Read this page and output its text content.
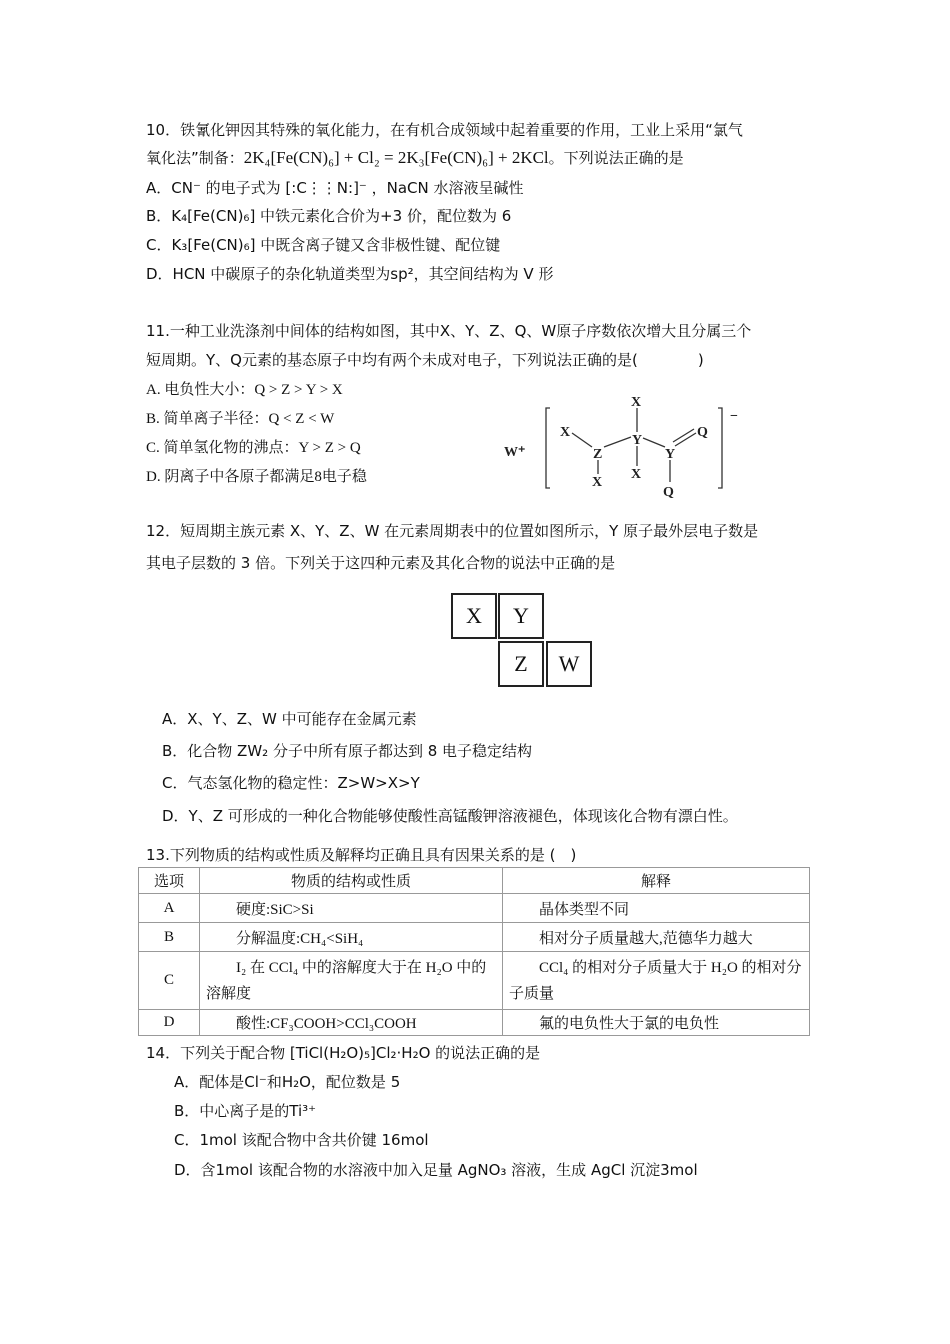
10．铁氰化钾因其特殊的氧化能力，在有机合成领域中起着重要的作用，工业上采用“氯气
氧化法”制备：2K₄[Fe(CN)₆] + Cl₂ = 2K₃[Fe(CN)₆] + 2KCl。下列说法正确的是
A．CN⁻ 的电子式为 [:C⋮⋮N:]⁻ ，NaCN 水溶液呈碱性
B．K₄[Fe(CN)₆] 中铁元素化合价为+3 价，配位数为 6
C．K₃[Fe(CN)₆] 中既含离子键又含非极性键、配位键
D．HCN 中碳原子的杂化轨道类型为sp²，其空间结构为 V 形
11.一种工业洗涤剂中间体的结构如图，其中X、Y、Z、Q、W原子序数依次增大且分属三个
短周期。Y、Q元素的基态原子中均有两个未成对电子，下列说法正确的是(　　　　)
A. 电负性大小：Q > Z > Y > X
B. 简单离子半径：Q < Z < W
C. 简单氢化物的沸点：Y > Z > Q
D. 阴离子中各原子都满足8电子稳
W⁺
X
Z
X
X
Y
X
Y
Q
Q
−
12．短周期主族元素 X、Y、Z、W 在元素周期表中的位置如图所示，Y 原子最外层电子数是
其电子层数的 3 倍。下列关于这四种元素及其化合物的说法中正确的是
X	Y
Z	W
A．X、Y、Z、W 中可能存在金属元素
B．化合物 ZW₂ 分子中所有原子都达到 8 电子稳定结构
C．气态氢化物的稳定性：Z>W>X>Y
D．Y、Z 可形成的一种化合物能够使酸性高锰酸钾溶液褪色，体现该化合物有漂白性。
13.下列物质的结构或性质及解释均正确且具有因果关系的是 (　)
选项	物质的结构或性质	解释
A	　　硬度:SiC>Si	　　晶体类型不同
B	　　分解温度:CH₄<SiH₄	　　相对分子质量越大,范德华力越大
C	　　I₂ 在 CCl₄ 中的溶解度大于在 H₂O 中的溶解度	　　CCl₄ 的相对分子质量大于 H₂O 的相对分子质量
D	　　酸性:CF₃COOH>CCl₃COOH	　　氟的电负性大于氯的电负性
14．下列关于配合物 [TiCl(H₂O)₅]Cl₂·H₂O 的说法正确的是
A．配体是Cl⁻和H₂O，配位数是 5
B．中心离子是的Ti³⁺
C．1mol 该配合物中含共价键 16mol
D．含1mol 该配合物的水溶液中加入足量 AgNO₃ 溶液，生成 AgCl 沉淀3mol
